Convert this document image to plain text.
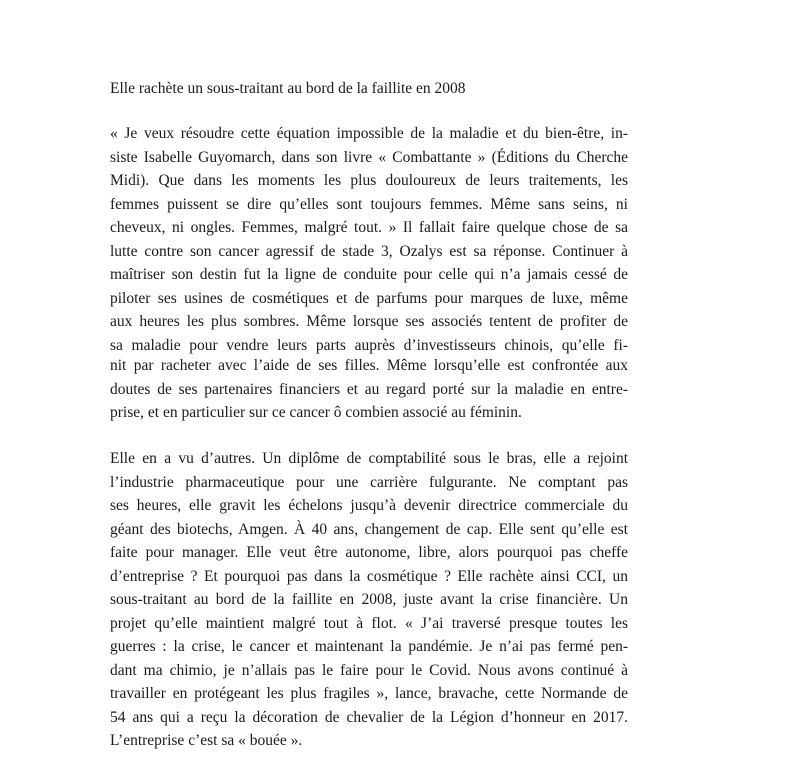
Elle rachète un sous-traitant au bord de la faillite en 2008
« Je veux résoudre cette équation impossible de la maladie et du bien-être, in-
siste Isabelle Guyomarch, dans son livre « Combattante » (Éditions du Cherche
Midi). Que dans les moments les plus douloureux de leurs traitements, les
femmes puissent se dire qu’elles sont toujours femmes. Même sans seins, ni
cheveux, ni ongles. Femmes, malgré tout. » Il fallait faire quelque chose de sa
lutte contre son cancer agressif de stade 3, Ozalys est sa réponse. Continuer à
maîtriser son destin fut la ligne de conduite pour celle qui n’a jamais cessé de
piloter ses usines de cosmétiques et de parfums pour marques de luxe, même
aux heures les plus sombres. Même lorsque ses associés tentent de profiter de
sa maladie pour vendre leurs parts auprès d’investisseurs chinois, qu’elle fi-
nit par racheter avec l’aide de ses filles. Même lorsqu’elle est confrontée aux
doutes de ses partenaires financiers et au regard porté sur la maladie en entre-
prise, et en particulier sur ce cancer ô combien associé au féminin.
Elle en a vu d’autres. Un diplôme de comptabilité sous le bras, elle a rejoint
l’industrie pharmaceutique pour une carrière fulgurante. Ne comptant pas
ses heures, elle gravit les échelons jusqu’à devenir directrice commerciale du
géant des biotechs, Amgen. À 40 ans, changement de cap. Elle sent qu’elle est
faite pour manager. Elle veut être autonome, libre, alors pourquoi pas cheffe
d’entreprise ? Et pourquoi pas dans la cosmétique ? Elle rachète ainsi CCI, un
sous-traitant au bord de la faillite en 2008, juste avant la crise financière. Un
projet qu’elle maintient malgré tout à flot. « J’ai traversé presque toutes les
guerres : la crise, le cancer et maintenant la pandémie. Je n’ai pas fermé pen-
dant ma chimio, je n’allais pas le faire pour le Covid. Nous avons continué à
travailler en protégeant les plus fragiles », lance, bravache, cette Normande de
54 ans qui a reçu la décoration de chevalier de la Légion d’honneur en 2017.
L’entreprise c’est sa « bouée ».
